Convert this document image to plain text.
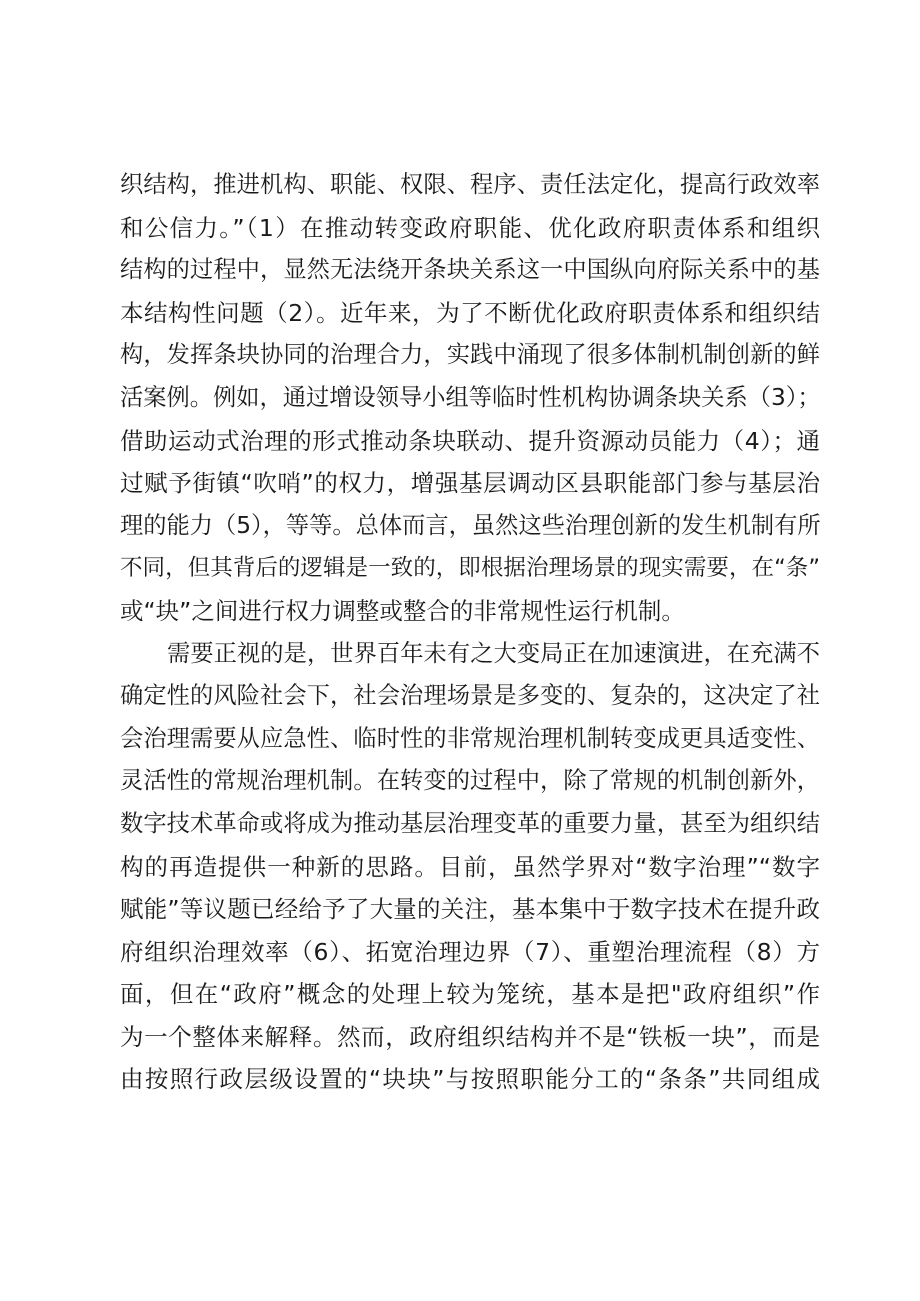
织结构，推进机构、职能、权限、程序、责任法定化，提高行政效率
和公信力。”（1）在推动转变政府职能、优化政府职责体系和组织
结构的过程中，显然无法绕开条块关系这一中国纵向府际关系中的基
本结构性问题（2）。近年来，为了不断优化政府职责体系和组织结
构，发挥条块协同的治理合力，实践中涌现了很多体制机制创新的鲜
活案例。例如，通过增设领导小组等临时性机构协调条块关系（3）；
借助运动式治理的形式推动条块联动、提升资源动员能力（4）；通
过赋予街镇“吹哨”的权力，增强基层调动区县职能部门参与基层治
理的能力（5），等等。总体而言，虽然这些治理创新的发生机制有所
不同，但其背后的逻辑是一致的，即根据治理场景的现实需要，在“条”
或“块”之间进行权力调整或整合的非常规性运行机制。
需要正视的是，世界百年未有之大变局正在加速演进，在充满不
确定性的风险社会下，社会治理场景是多变的、复杂的，这决定了社
会治理需要从应急性、临时性的非常规治理机制转变成更具适变性、
灵活性的常规治理机制。在转变的过程中，除了常规的机制创新外，
数字技术革命或将成为推动基层治理变革的重要力量，甚至为组织结
构的再造提供一种新的思路。目前，虽然学界对“数字治理”“数字
赋能”等议题已经给予了大量的关注，基本集中于数字技术在提升政
府组织治理效率（6）、拓宽治理边界（7）、重塑治理流程（8）方
面，但在“政府”概念的处理上较为笼统，基本是把"政府组织”作
为一个整体来解释。然而，政府组织结构并不是“铁板一块”，而是
由按照行政层级设置的“块块”与按照职能分工的“条条”共同组成
